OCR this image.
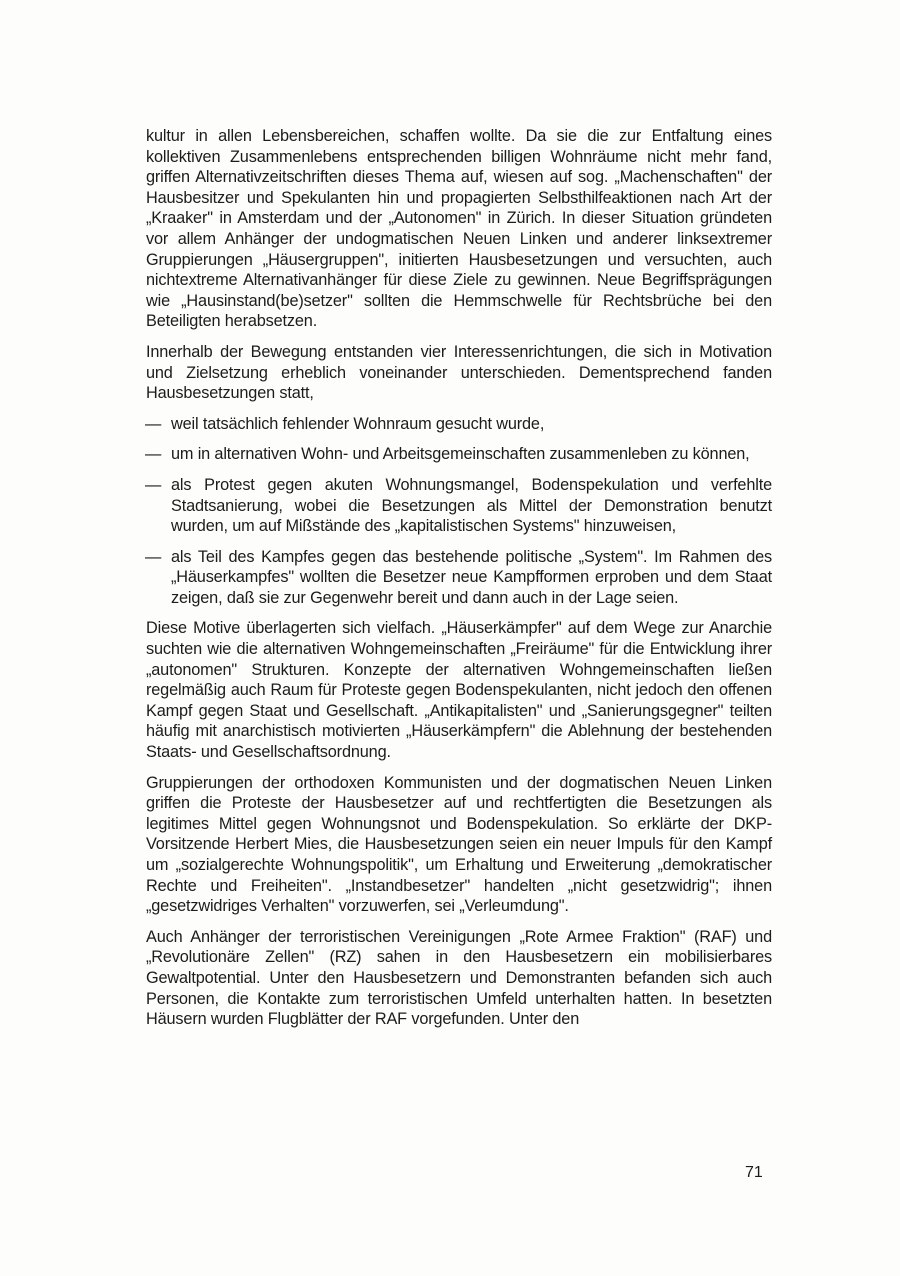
kultur in allen Lebensbereichen, schaffen wollte. Da sie die zur Entfaltung eines kollektiven Zusammenlebens entsprechenden billigen Wohnräume nicht mehr fand, griffen Alternativzeitschriften dieses Thema auf, wiesen auf sog. „Machenschaften" der Hausbesitzer und Spekulanten hin und propagierten Selbsthilfeaktionen nach Art der „Kraaker" in Amsterdam und der „Autonomen" in Zürich. In dieser Situation gründeten vor allem Anhänger der undogmatischen Neuen Linken und anderer linksextremer Gruppierungen „Häusergruppen", initierten Hausbesetzungen und versuchten, auch nichtextreme Alternativanhänger für diese Ziele zu gewinnen. Neue Begriffsprägungen wie „Hausinstand(be)setzer" sollten die Hemmschwelle für Rechtsbrüche bei den Beteiligten herabsetzen.

Innerhalb der Bewegung entstanden vier Interessenrichtungen, die sich in Motivation und Zielsetzung erheblich voneinander unterschieden. Dementsprechend fanden Hausbesetzungen statt,

— weil tatsächlich fehlender Wohnraum gesucht wurde,
— um in alternativen Wohn- und Arbeitsgemeinschaften zusammenleben zu können,
— als Protest gegen akuten Wohnungsmangel, Bodenspekulation und verfehlte Stadtsanierung, wobei die Besetzungen als Mittel der Demonstration benutzt wurden, um auf Mißstände des „kapitalistischen Systems" hinzuweisen,
— als Teil des Kampfes gegen das bestehende politische „System". Im Rahmen des „Häuserkampfes" wollten die Besetzer neue Kampfformen erproben und dem Staat zeigen, daß sie zur Gegenwehr bereit und dann auch in der Lage seien.

Diese Motive überlagerten sich vielfach. „Häuserkämpfer" auf dem Wege zur Anarchie suchten wie die alternativen Wohngemeinschaften „Freiräume" für die Entwicklung ihrer „autonomen" Strukturen. Konzepte der alternativen Wohngemeinschaften ließen regelmäßig auch Raum für Proteste gegen Bodenspekulanten, nicht jedoch den offenen Kampf gegen Staat und Gesellschaft. „Antikapitalisten" und „Sanierungsgegner" teilten häufig mit anarchistisch motivierten „Häuserkämpfern" die Ablehnung der bestehenden Staats- und Gesellschaftsordnung.

Gruppierungen der orthodoxen Kommunisten und der dogmatischen Neuen Linken griffen die Proteste der Hausbesetzer auf und rechtfertigten die Besetzungen als legitimes Mittel gegen Wohnungsnot und Bodenspekulation. So erklärte der DKP-Vorsitzende Herbert Mies, die Hausbesetzungen seien ein neuer Impuls für den Kampf um „sozialgerechte Wohnungspolitik", um Erhaltung und Erweiterung „demokratischer Rechte und Freiheiten". „Instandbesetzer" handelten „nicht gesetzwidrig"; ihnen „gesetzwidriges Verhalten" vorzuwerfen, sei „Verleumdung".

Auch Anhänger der terroristischen Vereinigungen „Rote Armee Fraktion" (RAF) und „Revolutionäre Zellen" (RZ) sahen in den Hausbesetzern ein mobilisierbares Gewaltpotential. Unter den Hausbesetzern und Demonstranten befanden sich auch Personen, die Kontakte zum terroristischen Umfeld unterhalten hatten. In besetzten Häusern wurden Flugblätter der RAF vorgefunden. Unter den

71
